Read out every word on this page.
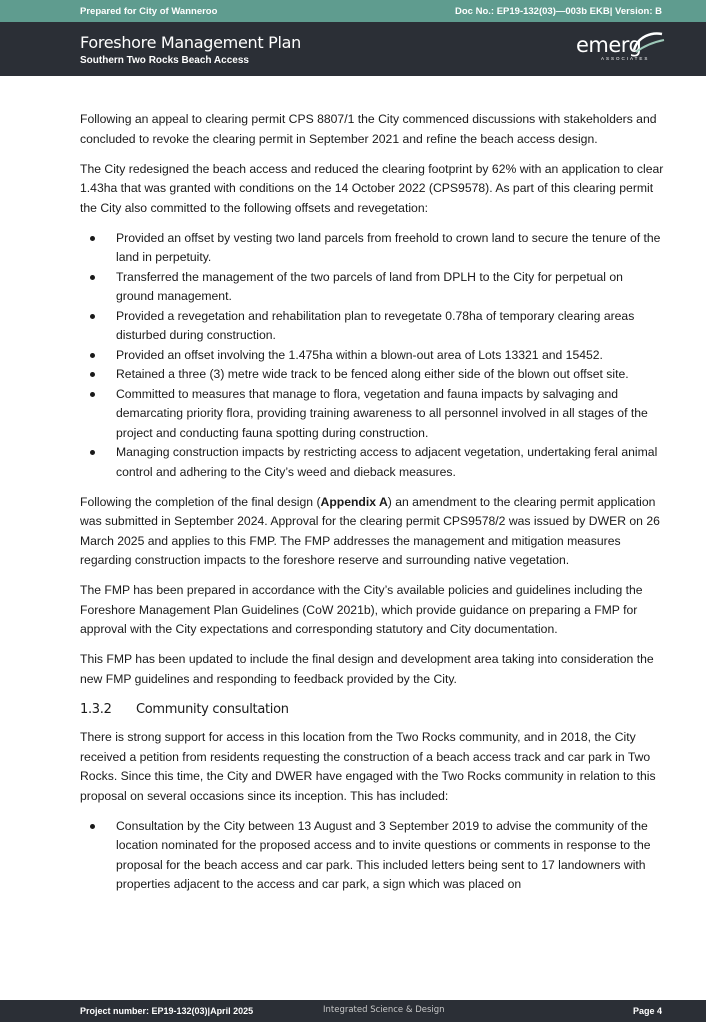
Prepared for City of Wanneroo	Doc No.: EP19-132(03)—003b EKB| Version: B
Foreshore Management Plan
Southern Two Rocks Beach Access
emerg
ASSOCIATES

Following an appeal to clearing permit CPS 8807/1 the City commenced discussions with stakeholders and concluded to revoke the clearing permit in September 2021 and refine the beach access design.

The City redesigned the beach access and reduced the clearing footprint by 62% with an application to clear 1.43ha that was granted with conditions on the 14 October 2022 (CPS9578). As part of this clearing permit the City also committed to the following offsets and revegetation:

Provided an offset by vesting two land parcels from freehold to crown land to secure the tenure of the land in perpetuity.
Transferred the management of the two parcels of land from DPLH to the City for perpetual on ground management.
Provided a revegetation and rehabilitation plan to revegetate 0.78ha of temporary clearing areas disturbed during construction.
Provided an offset involving the 1.475ha within a blown-out area of Lots 13321 and 15452.
Retained a three (3) metre wide track to be fenced along either side of the blown out offset site.
Committed to measures that manage to flora, vegetation and fauna impacts by salvaging and demarcating priority flora, providing training awareness to all personnel involved in all stages of the project and conducting fauna spotting during construction.
Managing construction impacts by restricting access to adjacent vegetation, undertaking feral animal control and adhering to the City’s weed and dieback measures.

Following the completion of the final design (Appendix A) an amendment to the clearing permit application was submitted in September 2024. Approval for the clearing permit CPS9578/2 was issued by DWER on 26 March 2025 and applies to this FMP. The FMP addresses the management and mitigation measures regarding construction impacts to the foreshore reserve and surrounding native vegetation.

The FMP has been prepared in accordance with the City’s available policies and guidelines including the Foreshore Management Plan Guidelines (CoW 2021b), which provide guidance on preparing a FMP for approval with the City expectations and corresponding statutory and City documentation.

This FMP has been updated to include the final design and development area taking into consideration the new FMP guidelines and responding to feedback provided by the City.

1.3.2	Community consultation

There is strong support for access in this location from the Two Rocks community, and in 2018, the City received a petition from residents requesting the construction of a beach access track and car park in Two Rocks. Since this time, the City and DWER have engaged with the Two Rocks community in relation to this proposal on several occasions since its inception. This has included:

Consultation by the City between 13 August and 3 September 2019 to advise the community of the location nominated for the proposed access and to invite questions or comments in response to the proposal for the beach access and car park. This included letters being sent to 17 landowners with properties adjacent to the access and car park, a sign which was placed on
Project number: EP19-132(03)|April 2025	Integrated Science & Design	Page 4
